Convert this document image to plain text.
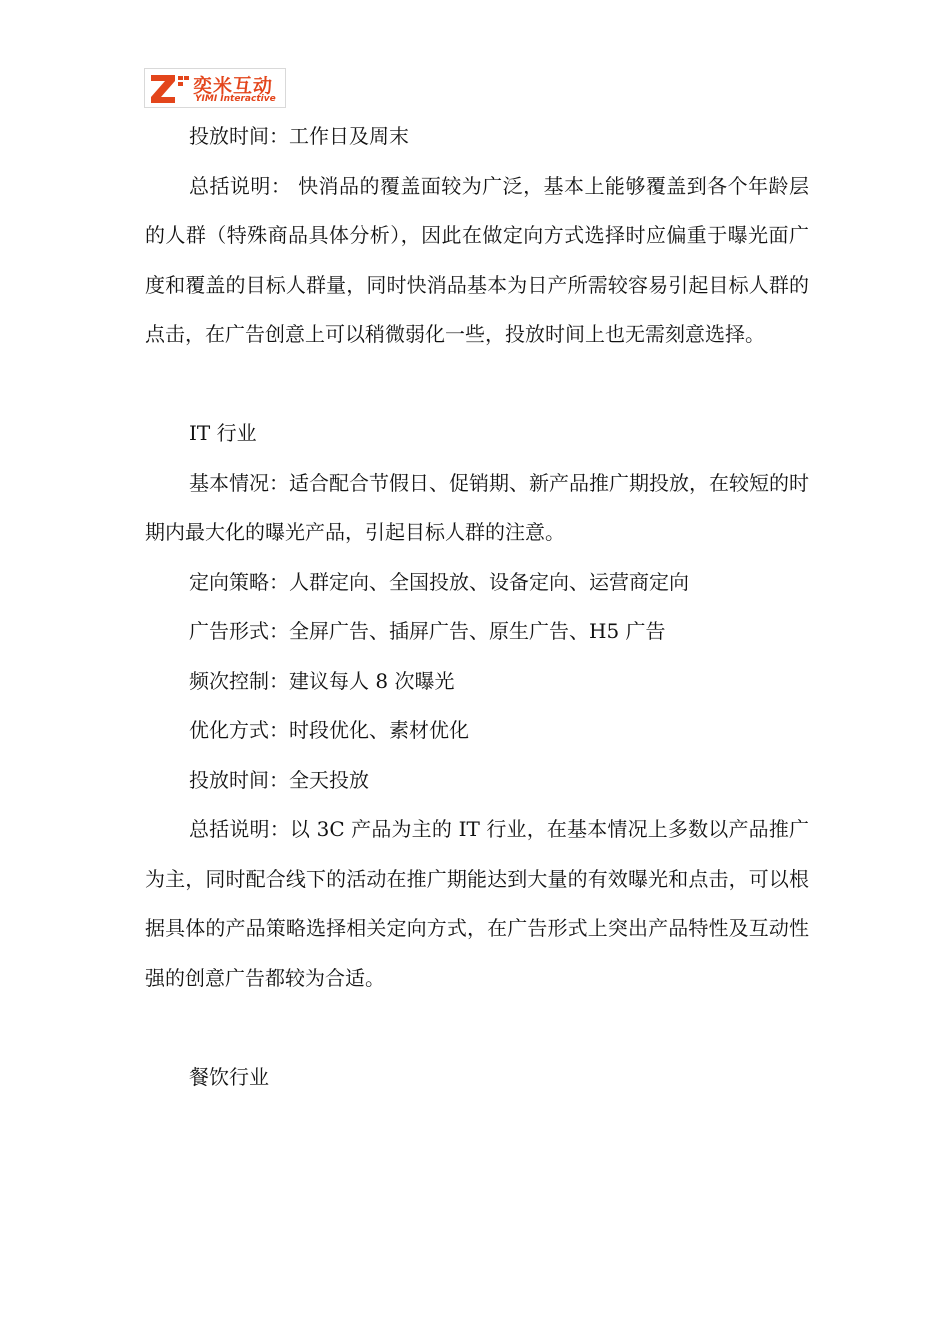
奕米互动
YIMI Interactive

投放时间：工作日及周末

总括说明： 快消品的覆盖面较为广泛，基本上能够覆盖到各个年龄层的人群（特殊商品具体分析），因此在做定向方式选择时应偏重于曝光面广度和覆盖的目标人群量，同时快消品基本为日产所需较容易引起目标人群的点击，在广告创意上可以稍微弱化一些，投放时间上也无需刻意选择。

IT 行业

基本情况：适合配合节假日、促销期、新产品推广期投放，在较短的时期内最大化的曝光产品，引起目标人群的注意。

定向策略：人群定向、全国投放、设备定向、运营商定向

广告形式：全屏广告、插屏广告、原生广告、H5 广告

频次控制：建议每人 8 次曝光

优化方式：时段优化、素材优化

投放时间：全天投放

总括说明：以 3C 产品为主的 IT 行业，在基本情况上多数以产品推广为主，同时配合线下的活动在推广期能达到大量的有效曝光和点击，可以根据具体的产品策略选择相关定向方式，在广告形式上突出产品特性及互动性强的创意广告都较为合适。

餐饮行业
